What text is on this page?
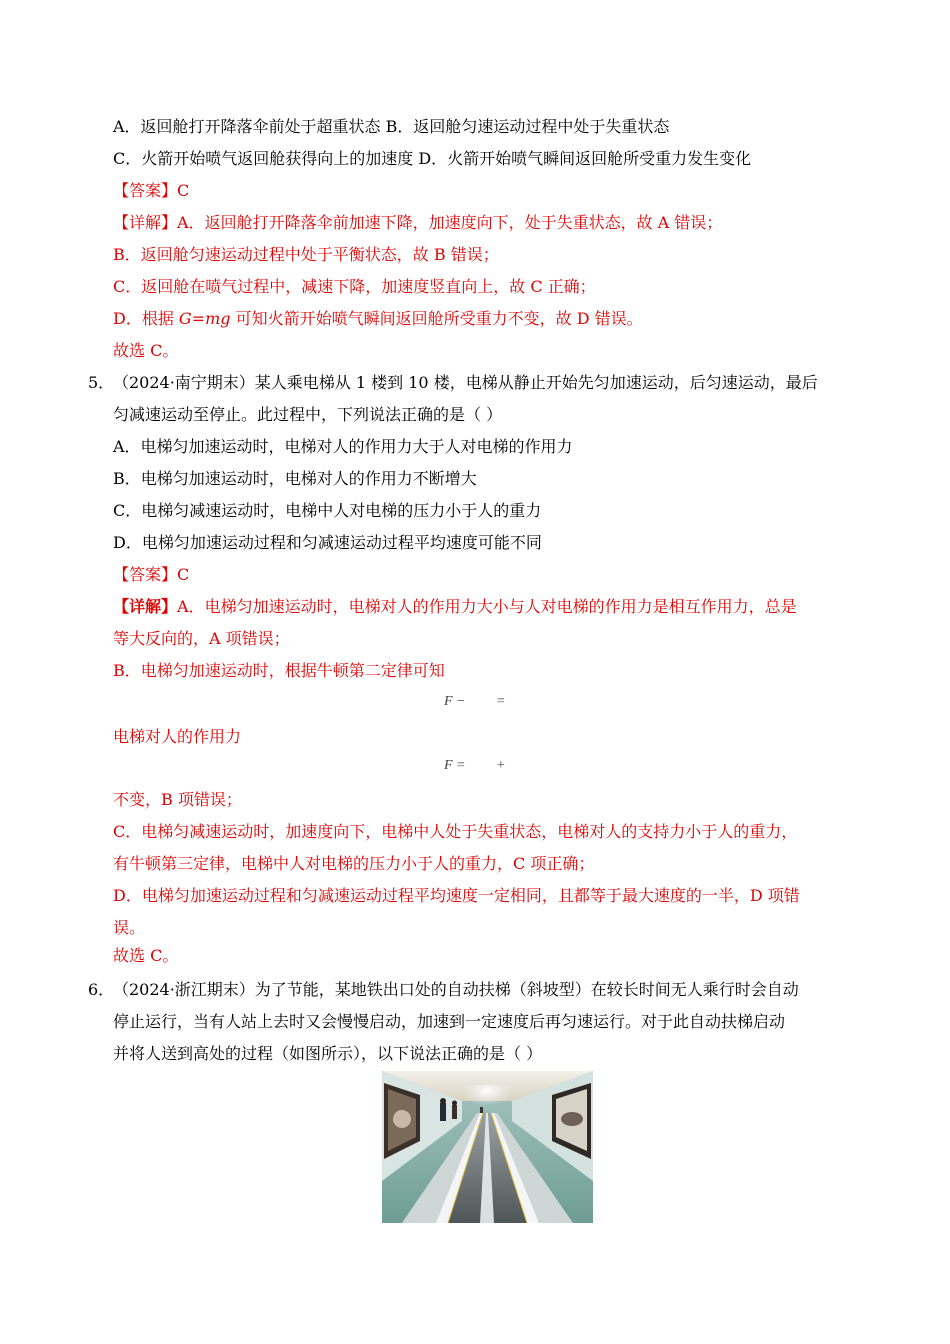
A．返回舱打开降落伞前处于超重状态 B．返回舱匀速运动过程中处于失重状态
C．火箭开始喷气返回舱获得向上的加速度 D．火箭开始喷气瞬间返回舱所受重力发生变化
【答案】C
【详解】A．返回舱打开降落伞前加速下降，加速度向下，处于失重状态，故 A 错误；
B．返回舱匀速运动过程中处于平衡状态，故 B 错误；
C．返回舱在喷气过程中，减速下降，加速度竖直向上，故 C 正确；
D．根据 G=mg 可知火箭开始喷气瞬间返回舱所受重力不变，故 D 错误。
故选 C。
5．
（2024·南宁期末）某人乘电梯从 1 楼到 10 楼，电梯从静止开始先匀加速运动，后匀速运动，最后
匀减速运动至停止。此过程中，下列说法正确的是（ ）
A．电梯匀加速运动时，电梯对人的作用力大于人对电梯的作用力
B．电梯匀加速运动时，电梯对人的作用力不断增大
C．电梯匀减速运动时，电梯中人对电梯的压力小于人的重力
D．电梯匀加速运动过程和匀减速运动过程平均速度可能不同
【答案】C
【详解】A．电梯匀加速运动时，电梯对人的作用力大小与人对电梯的作用力是相互作用力，总是
等大反向的，A 项错误；
B．电梯匀加速运动时，根据牛顿第二定律可知
F − =
电梯对人的作用力
F = +
不变，B 项错误；
C．电梯匀减速运动时，加速度向下，电梯中人处于失重状态，电梯对人的支持力小于人的重力，
有牛顿第三定律，电梯中人对电梯的压力小于人的重力，C 项正确；
D．电梯匀加速运动过程和匀减速运动过程平均速度一定相同，且都等于最大速度的一半，D 项错
误。
故选 C。
6．
（2024·浙江期末）为了节能，某地铁出口处的自动扶梯（斜坡型）在较长时间无人乘行时会自动
停止运行，当有人站上去时又会慢慢启动，加速到一定速度后再匀速运行。对于此自动扶梯启动
并将人送到高处的过程（如图所示），以下说法正确的是（ ）
